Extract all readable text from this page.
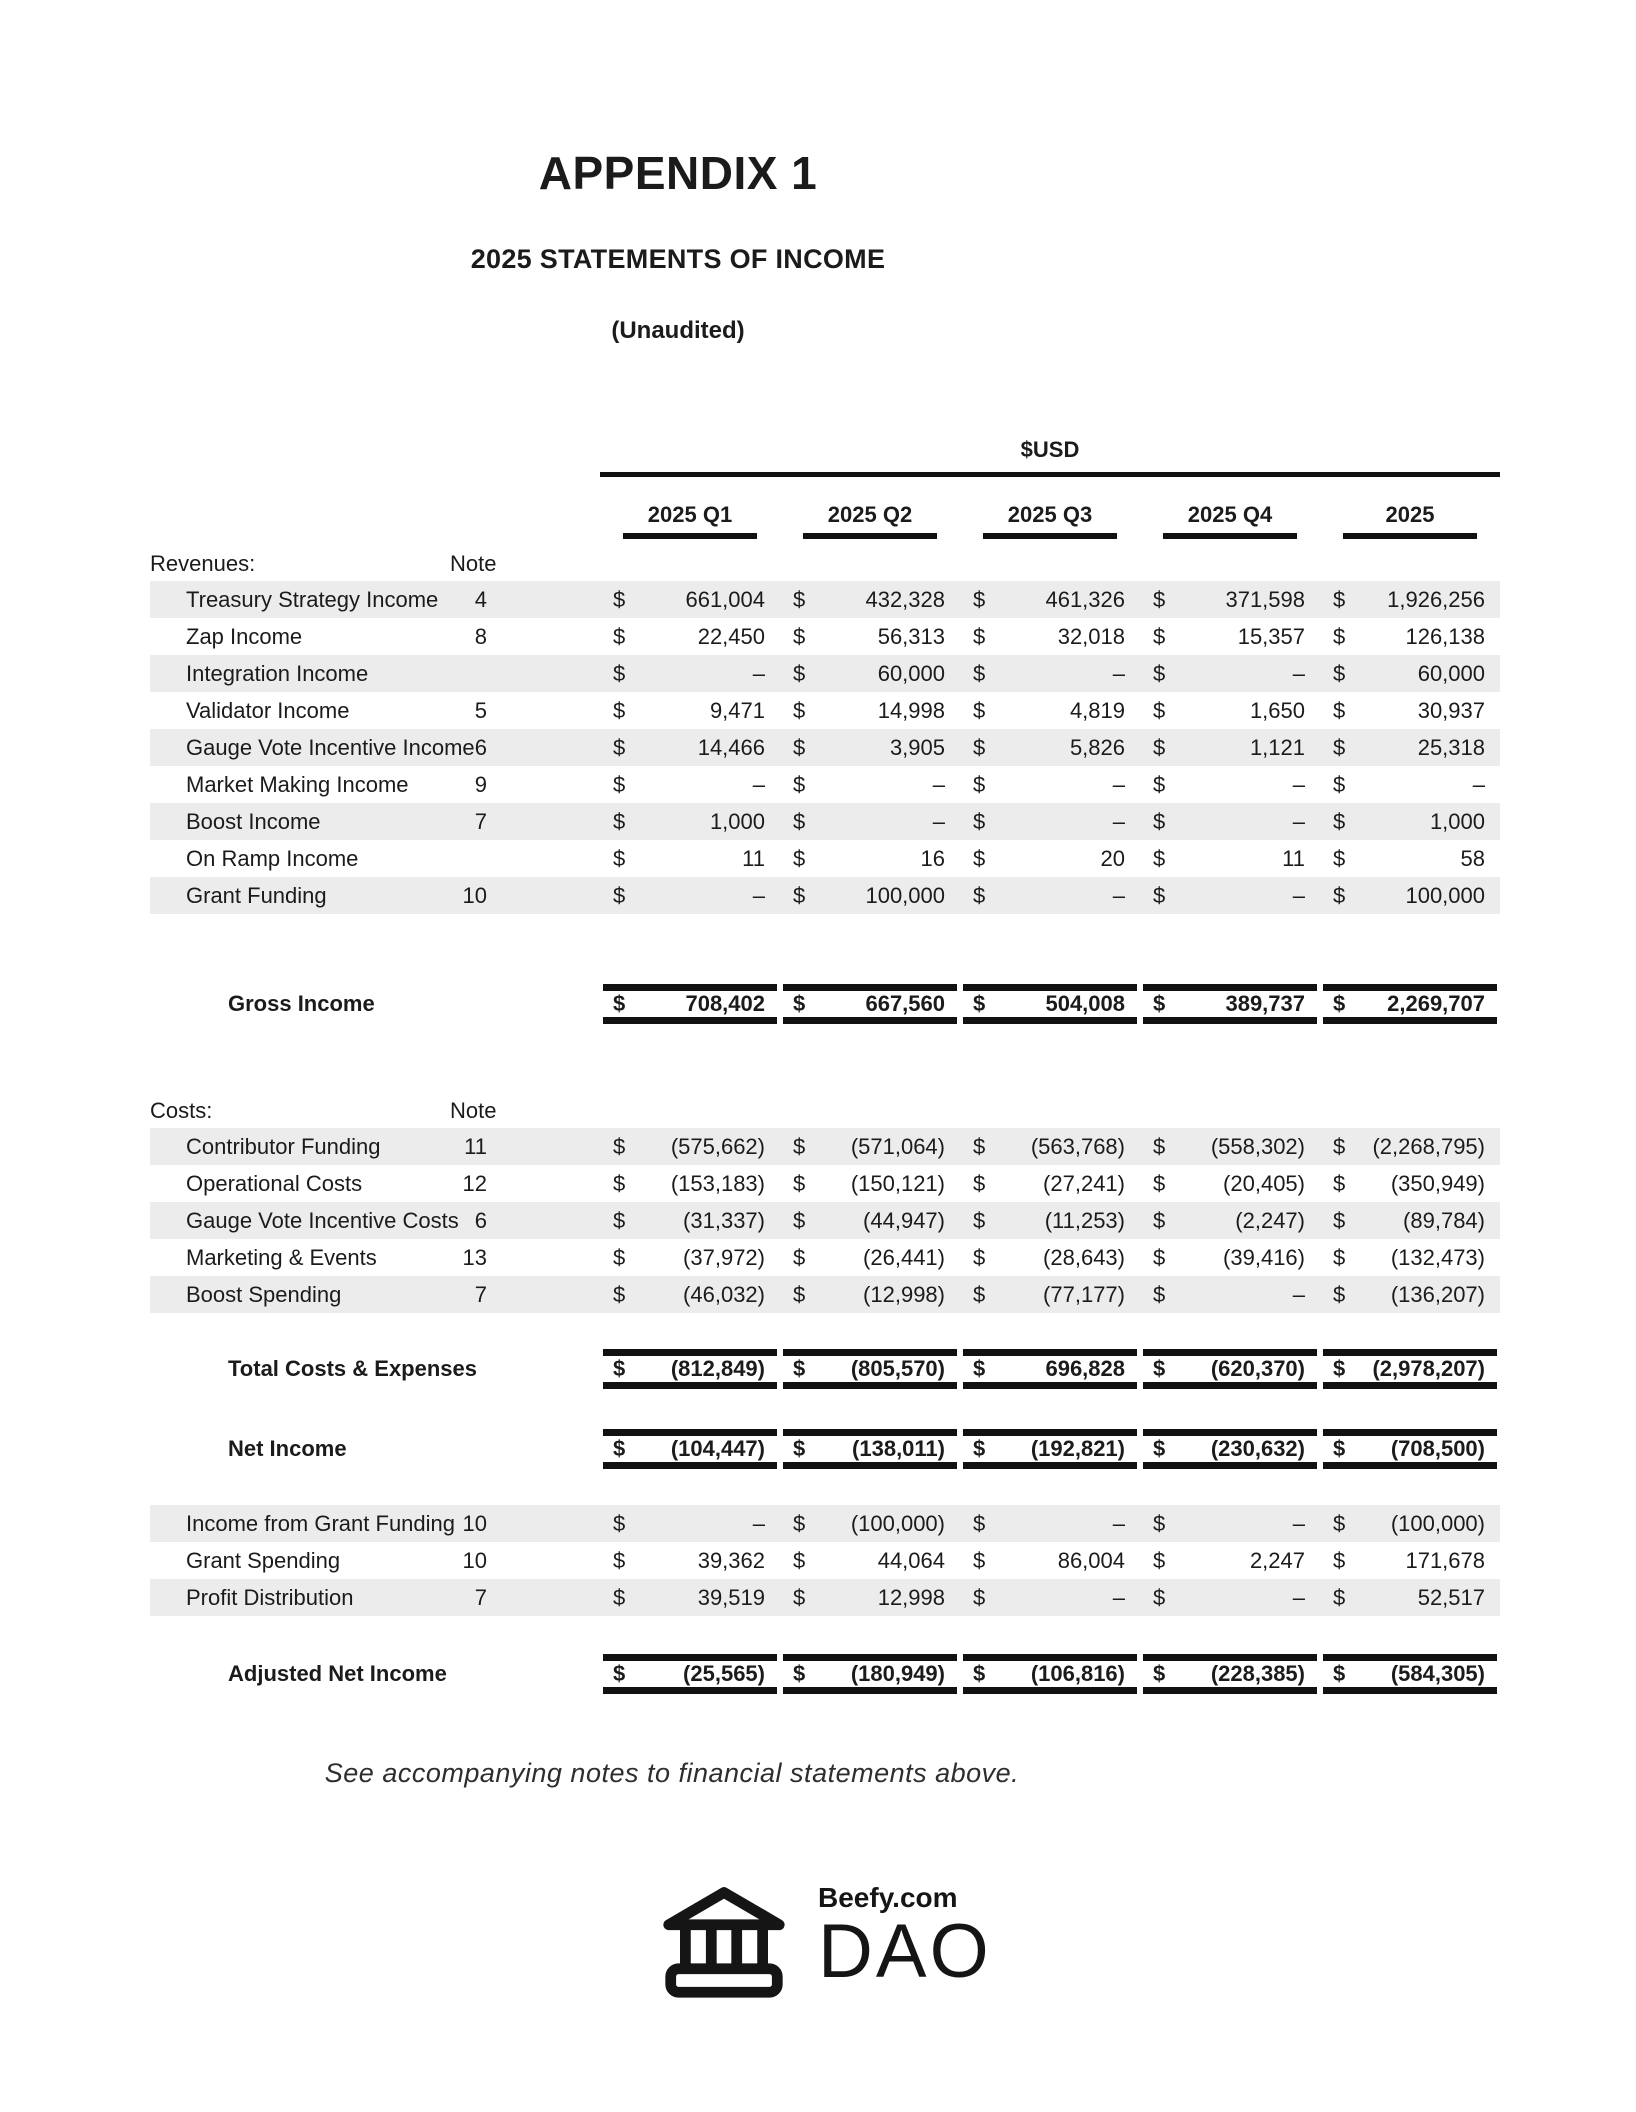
APPENDIX 1
2025 STATEMENTS OF INCOME
(Unaudited)
$USD
2025 Q1	2025 Q2	2025 Q3	2025 Q4	2025
Revenues:	Note
Treasury Strategy Income	4	$	661,004 $	432,328 $	461,326 $	371,598 $ 1,926,256
Zap Income	8	$	22,450 $	56,313 $	32,018 $	15,357 $	126,138
Integration Income	$	– $	60,000 $	– $	– $	60,000
Validator Income	5	$	9,471 $	14,998 $	4,819 $	1,650 $	30,937
Gauge Vote Incentive Income 6	$	14,466 $	3,905 $	5,826 $	1,121 $	25,318
Market Making Income	9	$	– $	– $	– $	– $	–
Boost Income	7	$	1,000 $	– $	– $	– $	1,000
On Ramp Income	$	11 $	16 $	20 $	11 $	58
Grant Funding	10	$	– $	100,000 $	– $	– $	100,000
Gross Income	$	708,402 $	667,560 $	504,008 $	389,737 $ 2,269,707
Costs:	Note
Contributor Funding	11	$ (575,662) $ (571,064) $ (563,768) $ (558,302) $ (2,268,795)
Operational Costs	12	$ (153,183) $ (150,121) $	(27,241) $	(20,405) $ (350,949)
Gauge Vote Incentive Costs 6	$	(31,337) $	(44,947) $	(11,253) $	(2,247) $	(89,784)
Marketing & Events	13	$	(37,972) $	(26,441) $	(28,643) $	(39,416) $ (132,473)
Boost Spending	7	$	(46,032) $	(12,998) $	(77,177) $	– $ (136,207)
Total Costs & Expenses	$ (812,849) $ (805,570) $	696,828 $ (620,370) $ (2,978,207)
Net Income	$ (104,447) $ (138,011) $ (192,821) $ (230,632) $ (708,500)
Income from Grant Funding 10	$	– $ (100,000) $	– $	– $ (100,000)
Grant Spending	10	$	39,362 $	44,064 $	86,004 $	2,247 $	171,678
Profit Distribution	7	$	39,519 $	12,998 $	– $	– $	52,517
Adjusted Net Income	$	(25,565) $ (180,949) $ (106,816) $ (228,385) $ (584,305)

See accompanying notes to financial statements above.

Beefy.com
DAO
